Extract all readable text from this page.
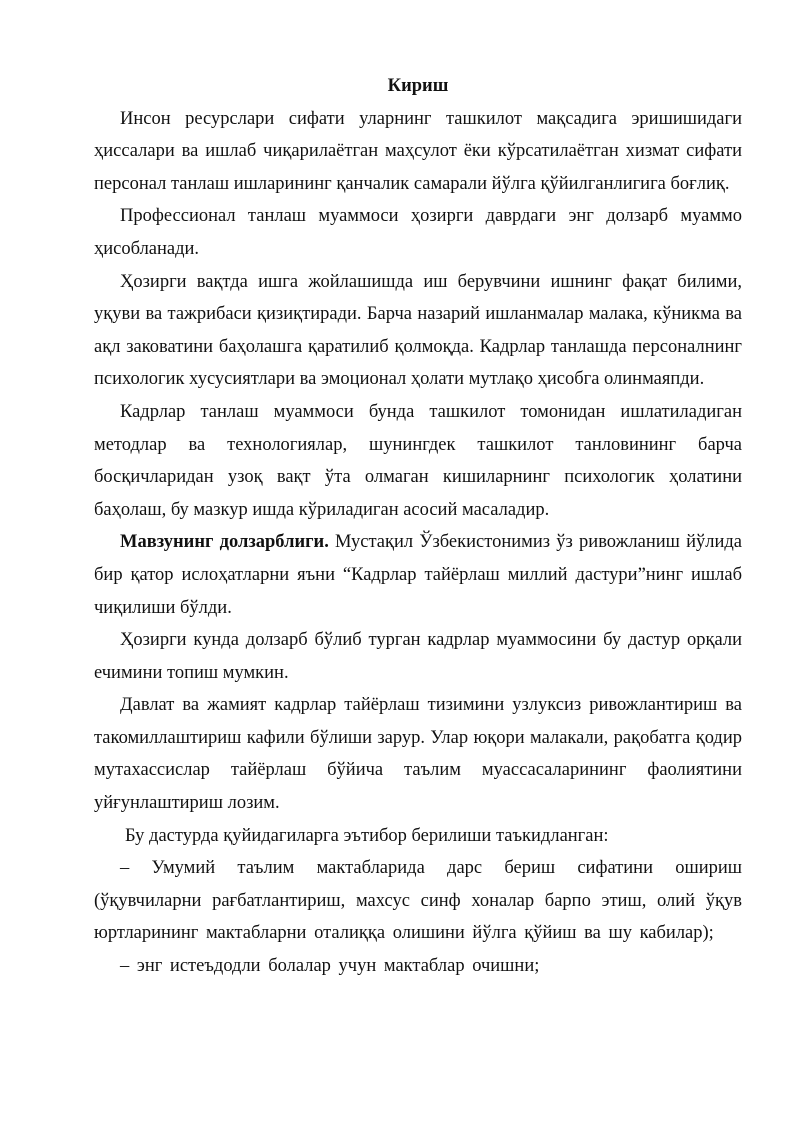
Кириш

Инсон ресурслари сифати уларнинг ташкилот мақсадига эришишидаги ҳиссалари ва ишлаб чиқарилаётган маҳсулот ёки кўрсатилаётган хизмат сифати персонал танлаш ишларининг қанчалик самарали йўлга қўйилганлигига боғлиқ.

Профессионал танлаш муаммоси ҳозирги даврдаги энг долзарб муаммо ҳисобланади.

Ҳозирги вақтда ишга жойлашишда иш берувчини ишнинг фақат билими, уқуви ва тажрибаси қизиқтиради. Барча назарий ишланмалар малака, кўникма ва ақл заковатини баҳолашга қаратилиб қолмоқда. Кадрлар танлашда персоналнинг психологик хусусиятлари ва эмоционал ҳолати мутлақо ҳисобга олинмаяпди.

Кадрлар танлаш муаммоси бунда ташкилот томонидан ишлатиладиган методлар ва технологиялар, шунингдек ташкилот танловининг барча босқичларидан узоқ вақт ўта олмаган кишиларнинг психологик ҳолатини баҳолаш, бу мазкур ишда кўриладиган асосий масаладир.

Мавзунинг долзарблиги. Мустақил Ўзбекистонимиз ўз ривожланиш йўлида бир қатор ислоҳатларни яъни “Кадрлар тайёрлаш миллий дастури”нинг ишлаб чиқилиши бўлди.

Ҳозирги кунда долзарб бўлиб турган кадрлар муаммосини бу дастур орқали ечимини топиш мумкин.

Давлат ва жамият кадрлар тайёрлаш тизимини узлуксиз ривожлантириш ва такомиллаштириш кафили бўлиши зарур. Улар юқори малакали, рақобатга қодир мутахассислар тайёрлаш бўйича таълим муассасаларининг фаолиятини уйғунлаштириш лозим.

Бу дастурда қуйидагиларга эътибор берилиши таъкидланган:

– Умумий таълим мактабларида дарс бериш сифатини ошириш (ўқувчиларни рағбатлантириш, махсус синф хоналар барпо этиш, олий ўқув юртларининг мактабларни оталиққа олишини йўлга қўйиш ва шу кабилар);

– энг истеъдодли болалар учун мактаблар очишни;
